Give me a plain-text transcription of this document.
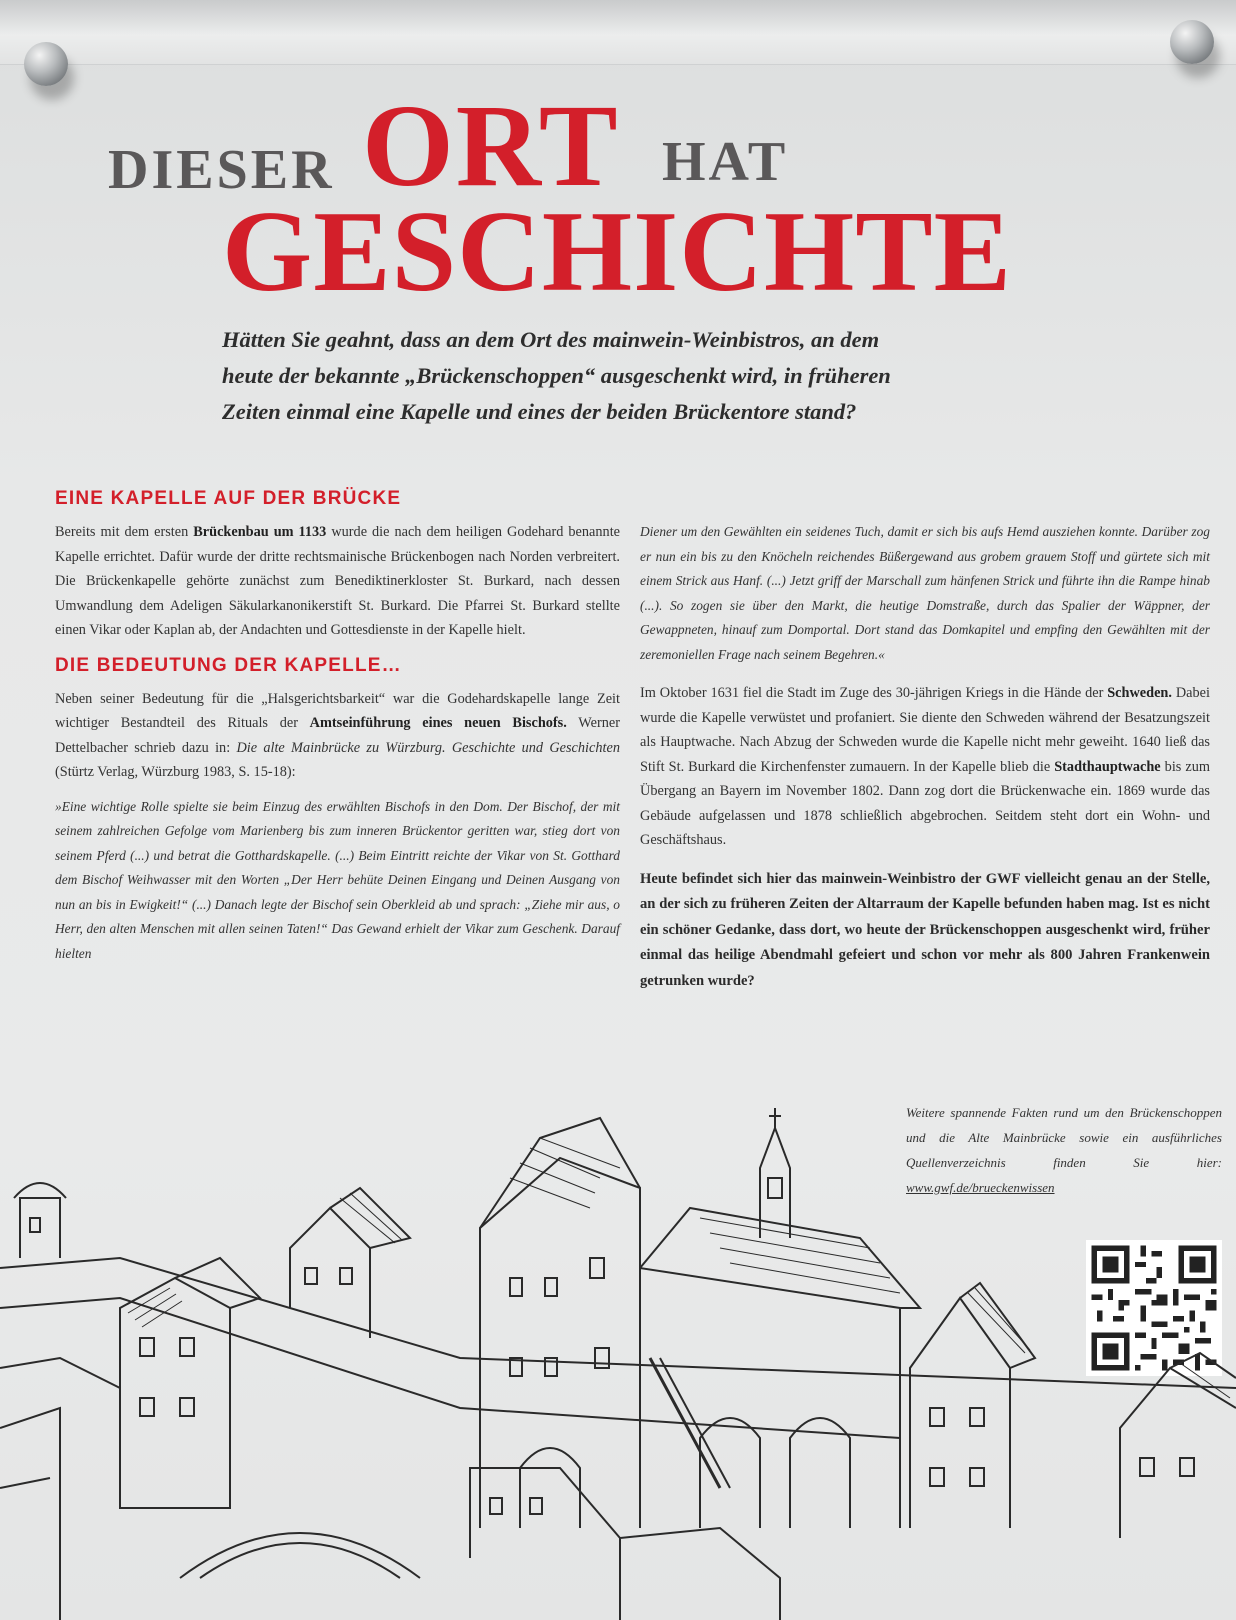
DIESER ORT HAT
GESCHICHTE
Hätten Sie geahnt, dass an dem Ort des mainwein-Weinbistros, an dem
heute der bekannte „Brückenschoppen“ ausgeschenkt wird, in früheren
Zeiten einmal eine Kapelle und eines der beiden Brückentore stand?
EINE KAPELLE AUF DER BRÜCKE

Bereits mit dem ersten Brückenbau um 1133 wurde die nach dem heiligen Godehard benannte Kapelle errichtet. Dafür wurde der dritte rechtsmainische Brückenbogen nach Norden verbreitert. Die Brückenkapelle gehörte zunächst zum Benediktinerkloster St. Burkard, nach dessen Umwandlung dem Adeligen Säkularkanonikerstift St. Burkard. Die Pfarrei St. Burkard stellte einen Vikar oder Kaplan ab, der Andachten und Gottesdienste in der Kapelle hielt.

DIE BEDEUTUNG DER KAPELLE…

Neben seiner Bedeutung für die „Halsgerichtsbarkeit“ war die Godehardskapelle lange Zeit wichtiger Bestandteil des Rituals der Amtseinführung eines neuen Bischofs. Werner Dettelbacher schrieb dazu in: Die alte Mainbrücke zu Würzburg. Geschichte und Geschichten (Stürtz Verlag, Würzburg 1983, S. 15-18):

»Eine wichtige Rolle spielte sie beim Einzug des erwählten Bischofs in den Dom. Der Bischof, der mit seinem zahlreichen Gefolge vom Marienberg bis zum inneren Brückentor geritten war, stieg dort von seinem Pferd (...) und betrat die Gotthardskapelle. (...) Beim Eintritt reichte der Vikar von St. Gotthard dem Bischof Weihwasser mit den Worten „Der Herr behüte Deinen Eingang und Deinen Ausgang von nun an bis in Ewigkeit!“ (...) Danach legte der Bischof sein Oberkleid ab und sprach: „Ziehe mir aus, o Herr, den alten Menschen mit allen seinen Taten!“ Das Gewand erhielt der Vikar zum Geschenk. Darauf hielten

Diener um den Gewählten ein seidenes Tuch, damit er sich bis aufs Hemd ausziehen konnte. Darüber zog er nun ein bis zu den Knöcheln reichendes Büßergewand aus grobem grauem Stoff und gürtete sich mit einem Strick aus Hanf. (...) Jetzt griff der Marschall zum hänfenen Strick und führte ihn die Rampe hinab (...). So zogen sie über den Markt, die heutige Domstraße, durch das Spalier der Wäppner, der Gewappneten, hinauf zum Domportal. Dort stand das Domkapitel und empfing den Gewählten mit der zeremoniellen Frage nach seinem Begehren.«

Im Oktober 1631 fiel die Stadt im Zuge des 30-jährigen Kriegs in die Hände der Schweden. Dabei wurde die Kapelle verwüstet und profaniert. Sie diente den Schweden während der Besatzungszeit als Hauptwache. Nach Abzug der Schweden wurde die Kapelle nicht mehr geweiht. 1640 ließ das Stift St. Burkard die Kirchenfenster zumauern. In der Kapelle blieb die Stadthauptwache bis zum Übergang an Bayern im November 1802. Dann zog dort die Brückenwache ein. 1869 wurde das Gebäude aufgelassen und 1878 schließlich abgebrochen. Seitdem steht dort ein Wohn- und Geschäftshaus.

Heute befindet sich hier das mainwein-Weinbistro der GWF vielleicht genau an der Stelle, an der sich zu früheren Zeiten der Altarraum der Kapelle befunden haben mag. Ist es nicht ein schöner Gedanke, dass dort, wo heute der Brückenschoppen ausgeschenkt wird, früher einmal das heilige Abendmahl gefeiert und schon vor mehr als 800 Jahren Frankenwein getrunken wurde?

Weitere spannende Fakten rund um den Brückenschoppen und die Alte Mainbrücke sowie ein ausführliches Quellenverzeichnis finden Sie hier: www.gwf.de/brueckenwissen
